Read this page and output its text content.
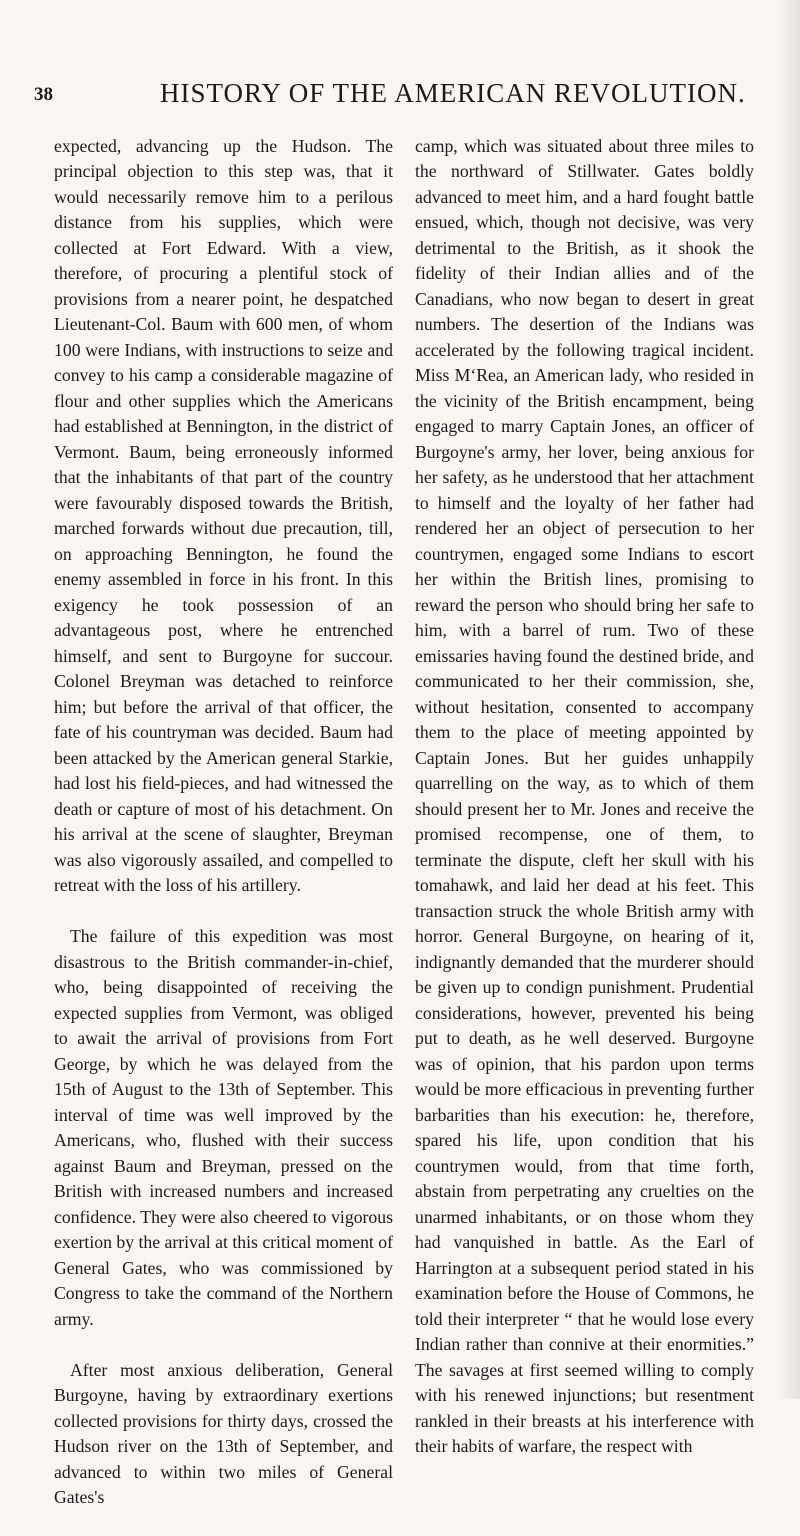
38	HISTORY OF THE AMERICAN REVOLUTION.

expected, advancing up the Hudson. The principal objection to this step was, that it would necessarily remove him to a perilous distance from his supplies, which were collected at Fort Edward. With a view, therefore, of procuring a plentiful stock of provisions from a nearer point, he despatched Lieutenant-Col. Baum with 600 men, of whom 100 were Indians, with instructions to seize and convey to his camp a considerable magazine of flour and other supplies which the Americans had established at Bennington, in the district of Vermont. Baum, being erroneously informed that the inhabitants of that part of the country were favourably disposed towards the British, marched forwards without due precaution, till, on approaching Bennington, he found the enemy assembled in force in his front. In this exigency he took possession of an advantageous post, where he entrenched himself, and sent to Burgoyne for succour. Colonel Breyman was detached to reinforce him; but before the arrival of that officer, the fate of his countryman was decided. Baum had been attacked by the American general Starkie, had lost his field-pieces, and had witnessed the death or capture of most of his detachment. On his arrival at the scene of slaughter, Breyman was also vigorously assailed, and compelled to retreat with the loss of his artillery.

The failure of this expedition was most disastrous to the British commander-in-chief, who, being disappointed of receiving the expected supplies from Vermont, was obliged to await the arrival of provisions from Fort George, by which he was delayed from the 15th of August to the 13th of September. This interval of time was well improved by the Americans, who, flushed with their success against Baum and Breyman, pressed on the British with increased numbers and increased confidence. They were also cheered to vigorous exertion by the arrival at this critical moment of General Gates, who was commissioned by Congress to take the command of the Northern army.

After most anxious deliberation, General Burgoyne, having by extraordinary exertions collected provisions for thirty days, crossed the Hudson river on the 13th of September, and advanced to within two miles of General Gates's

camp, which was situated about three miles to the northward of Stillwater. Gates boldly advanced to meet him, and a hard fought battle ensued, which, though not decisive, was very detrimental to the British, as it shook the fidelity of their Indian allies and of the Canadians, who now began to desert in great numbers. The desertion of the Indians was accelerated by the following tragical incident. Miss M‘Rea, an American lady, who resided in the vicinity of the British encampment, being engaged to marry Captain Jones, an officer of Burgoyne's army, her lover, being anxious for her safety, as he understood that her attachment to himself and the loyalty of her father had rendered her an object of persecution to her countrymen, engaged some Indians to escort her within the British lines, promising to reward the person who should bring her safe to him, with a barrel of rum. Two of these emissaries having found the destined bride, and communicated to her their commission, she, without hesitation, consented to accompany them to the place of meeting appointed by Captain Jones. But her guides unhappily quarrelling on the way, as to which of them should present her to Mr. Jones and receive the promised recompense, one of them, to terminate the dispute, cleft her skull with his tomahawk, and laid her dead at his feet. This transaction struck the whole British army with horror. General Burgoyne, on hearing of it, indignantly demanded that the murderer should be given up to condign punishment. Prudential considerations, however, prevented his being put to death, as he well deserved. Burgoyne was of opinion, that his pardon upon terms would be more efficacious in preventing further barbarities than his execution: he, therefore, spared his life, upon condition that his countrymen would, from that time forth, abstain from perpetrating any cruelties on the unarmed inhabitants, or on those whom they had vanquished in battle. As the Earl of Harrington at a subsequent period stated in his examination before the House of Commons, he told their interpreter “ that he would lose every Indian rather than connive at their enormities.” The savages at first seemed willing to comply with his renewed injunctions; but resentment rankled in their breasts at his interference with their habits of warfare, the respect with
